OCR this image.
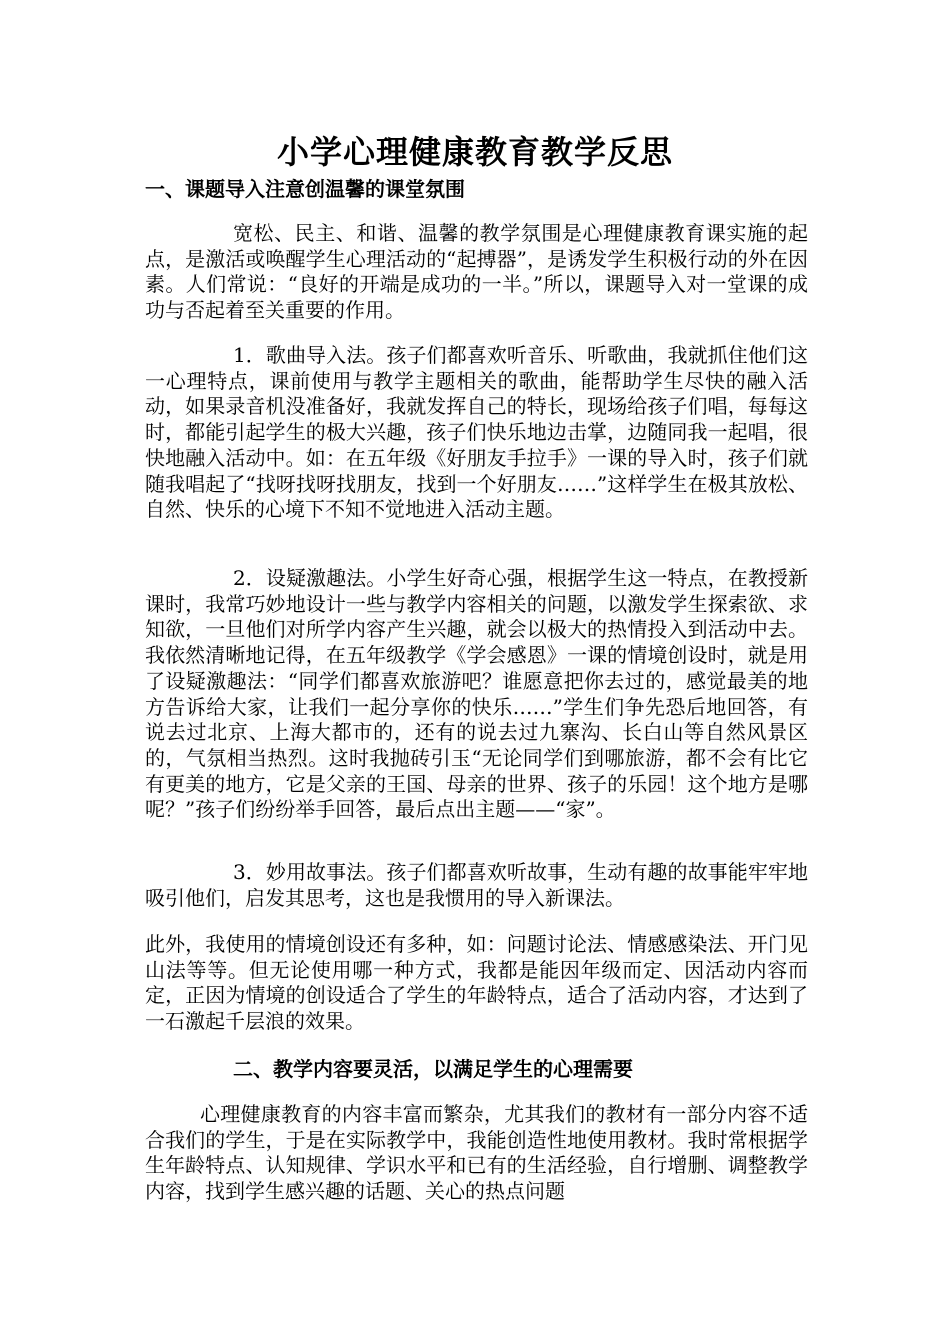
小学心理健康教育教学反思
一、课题导入注意创温馨的课堂氛围

宽松、民主、和谐、温馨的教学氛围是心理健康教育课实施的起点，是激活或唤醒学生心理活动的“起搏器”，是诱发学生积极行动的外在因素。人们常说：“良好的开端是成功的一半。”所以，课题导入对一堂课的成功与否起着至关重要的作用。

1．歌曲导入法。孩子们都喜欢听音乐、听歌曲，我就抓住他们这一心理特点，课前使用与教学主题相关的歌曲，能帮助学生尽快的融入活动，如果录音机没准备好，我就发挥自己的特长，现场给孩子们唱，每每这时，都能引起学生的极大兴趣，孩子们快乐地边击掌，边随同我一起唱，很快地融入活动中。如：在五年级《好朋友手拉手》一课的导入时，孩子们就随我唱起了“找呀找呀找朋友，找到一个好朋友……”这样学生在极其放松、自然、快乐的心境下不知不觉地进入活动主题。

2．设疑激趣法。小学生好奇心强，根据学生这一特点，在教授新课时，我常巧妙地设计一些与教学内容相关的问题，以激发学生探索欲、求知欲，一旦他们对所学内容产生兴趣，就会以极大的热情投入到活动中去。我依然清晰地记得，在五年级教学《学会感恩》一课的情境创设时，就是用了设疑激趣法：“同学们都喜欢旅游吧？谁愿意把你去过的，感觉最美的地方告诉给大家，让我们一起分享你的快乐……”学生们争先恐后地回答，有说去过北京、上海大都市的，还有的说去过九寨沟、长白山等自然风景区的，气氛相当热烈。这时我抛砖引玉“无论同学们到哪旅游，都不会有比它有更美的地方，它是父亲的王国、母亲的世界、孩子的乐园！这个地方是哪呢？”孩子们纷纷举手回答，最后点出主题——“家”。

3．妙用故事法。孩子们都喜欢听故事，生动有趣的故事能牢牢地吸引他们，启发其思考，这也是我惯用的导入新课法。

此外，我使用的情境创设还有多种，如：问题讨论法、情感感染法、开门见山法等等。但无论使用哪一种方式，我都是能因年级而定、因活动内容而定，正因为情境的创设适合了学生的年龄特点，适合了活动内容，才达到了一石激起千层浪的效果。

二、教学内容要灵活，以满足学生的心理需要

心理健康教育的内容丰富而繁杂，尤其我们的教材有一部分内容不适合我们的学生，于是在实际教学中，我能创造性地使用教材。我时常根据学生年龄特点、认知规律、学识水平和已有的生活经验，自行增删、调整教学内容，找到学生感兴趣的话题、关心的热点问题
